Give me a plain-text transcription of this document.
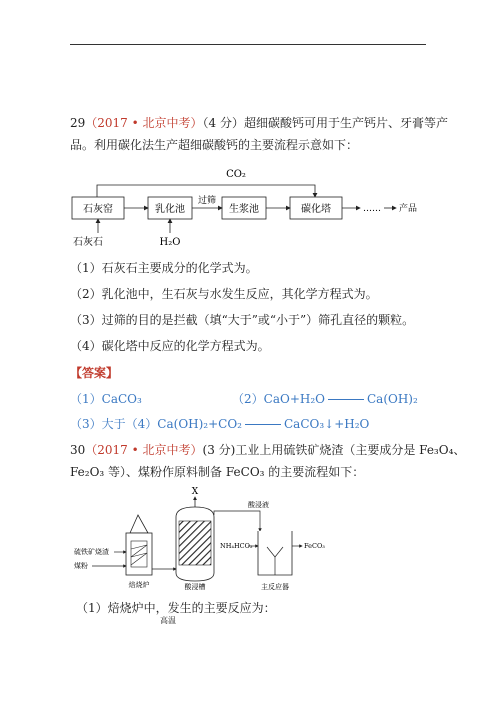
29（2017 • 北京中考）（4 分）超细碳酸钙可用于生产钙片、牙膏等产
品。利用碳化法生产超细碳酸钙的主要流程示意如下：
CO₂
石灰窑	乳化池	生浆池	碳化塔
过筛
…… 产品
石灰石	H₂O
（1）石灰石主要成分的化学式为。
（2）乳化池中，生石灰与水发生反应，其化学方程式为。
（3）过筛的目的是拦截（填“大于”或“小于”）筛孔直径的颗粒。
（4）碳化塔中反应的化学方程式为。
【答案】
（1）CaCO₃	（2）CaO+H₂O	Ca(OH)₂
（3）大于（4）Ca(OH)₂+CO₂	CaCO₃↓+H₂O
30（2017 • 北京中考）(3 分)工业上用硫铁矿烧渣（主要成分是 Fe₃O₄、
Fe₂O₃ 等）、煤粉作原料制备 FeCO₃ 的主要流程如下：
X
硫铁矿烧渣
煤粉
焙烧炉	酸浸槽
酸浸液
NH₄HCO₃	FeCO₃
主反应器
（1）焙烧炉中，发生的主要反应为：
高温
